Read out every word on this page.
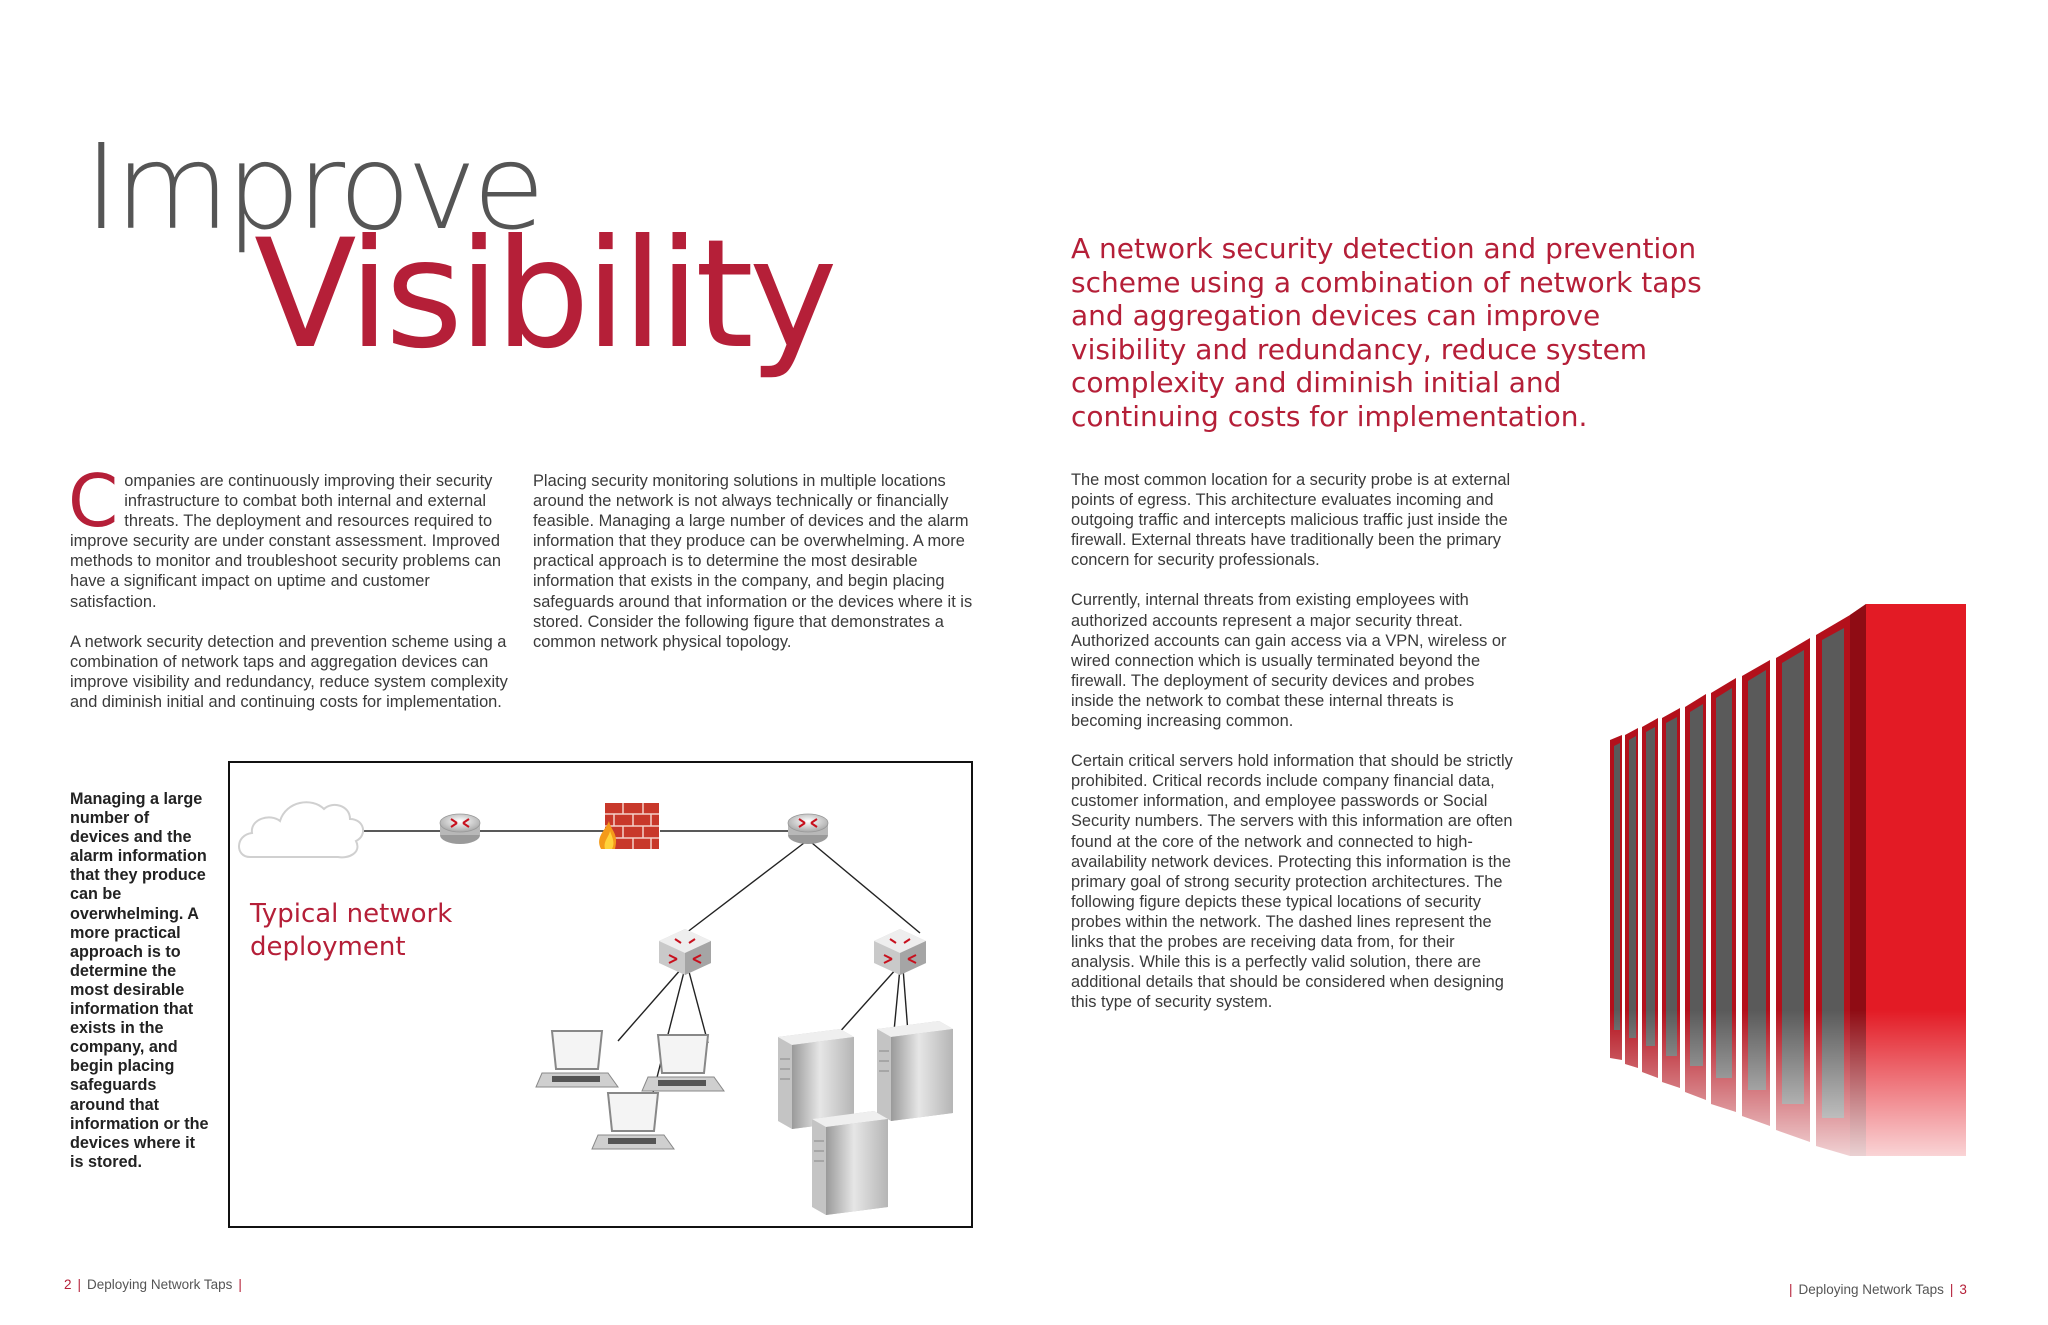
Improve
Visibility	A network security detection and prevention scheme using a combination of network taps and aggregation devices can improve visibility and redundancy, reduce system complexity and diminish initial and continuing costs for implementation.

Companies are continuously improving their security infrastructure to combat both internal and external threats. The deployment and resources required to improve security are under constant assessment. Improved methods to monitor and troubleshoot security problems can have a significant impact on uptime and customer satisfaction.

A network security detection and prevention scheme using a combination of network taps and aggregation devices can improve visibility and redundancy, reduce system complexity and diminish initial and continuing costs for implementation.

Placing security monitoring solutions in multiple locations around the network is not always technically or financially feasible. Managing a large number of devices and the alarm information that they produce can be overwhelming. A more practical approach is to determine the most desirable information that exists in the company, and begin placing safeguards around that information or the devices where it is stored. Consider the following figure that demonstrates a common network physical topology.

Managing a large number of devices and the alarm information that they produce can be overwhelming. A more practical approach is to determine the most desirable information that exists in the company, and begin placing safeguards around that information or the devices where it is stored.
Typical network
deployment

The most common location for a security probe is at external points of egress. This architecture evaluates incoming and outgoing traffic and intercepts malicious traffic just inside the firewall. External threats have traditionally been the primary concern for security professionals.

Currently, internal threats from existing employees with authorized accounts represent a major security threat. Authorized accounts can gain access via a VPN, wireless or wired connection which is usually terminated beyond the firewall. The deployment of security devices and probes inside the network to combat these internal threats is becoming increasing common.

Certain critical servers hold information that should be strictly prohibited. Critical records include company financial data, customer information, and employee passwords or Social Security numbers. The servers with this information are often found at the core of the network and connected to high-availability network devices. Protecting this information is the primary goal of strong security protection architectures. The following figure depicts these typical locations of security probes within the network. The dashed lines represent the links that the probes are receiving data from, for their analysis. While this is a perfectly valid solution, there are additional details that should be considered when designing this type of security system.

2 | Deploying Network Taps |	| Deploying Network Taps | 3
